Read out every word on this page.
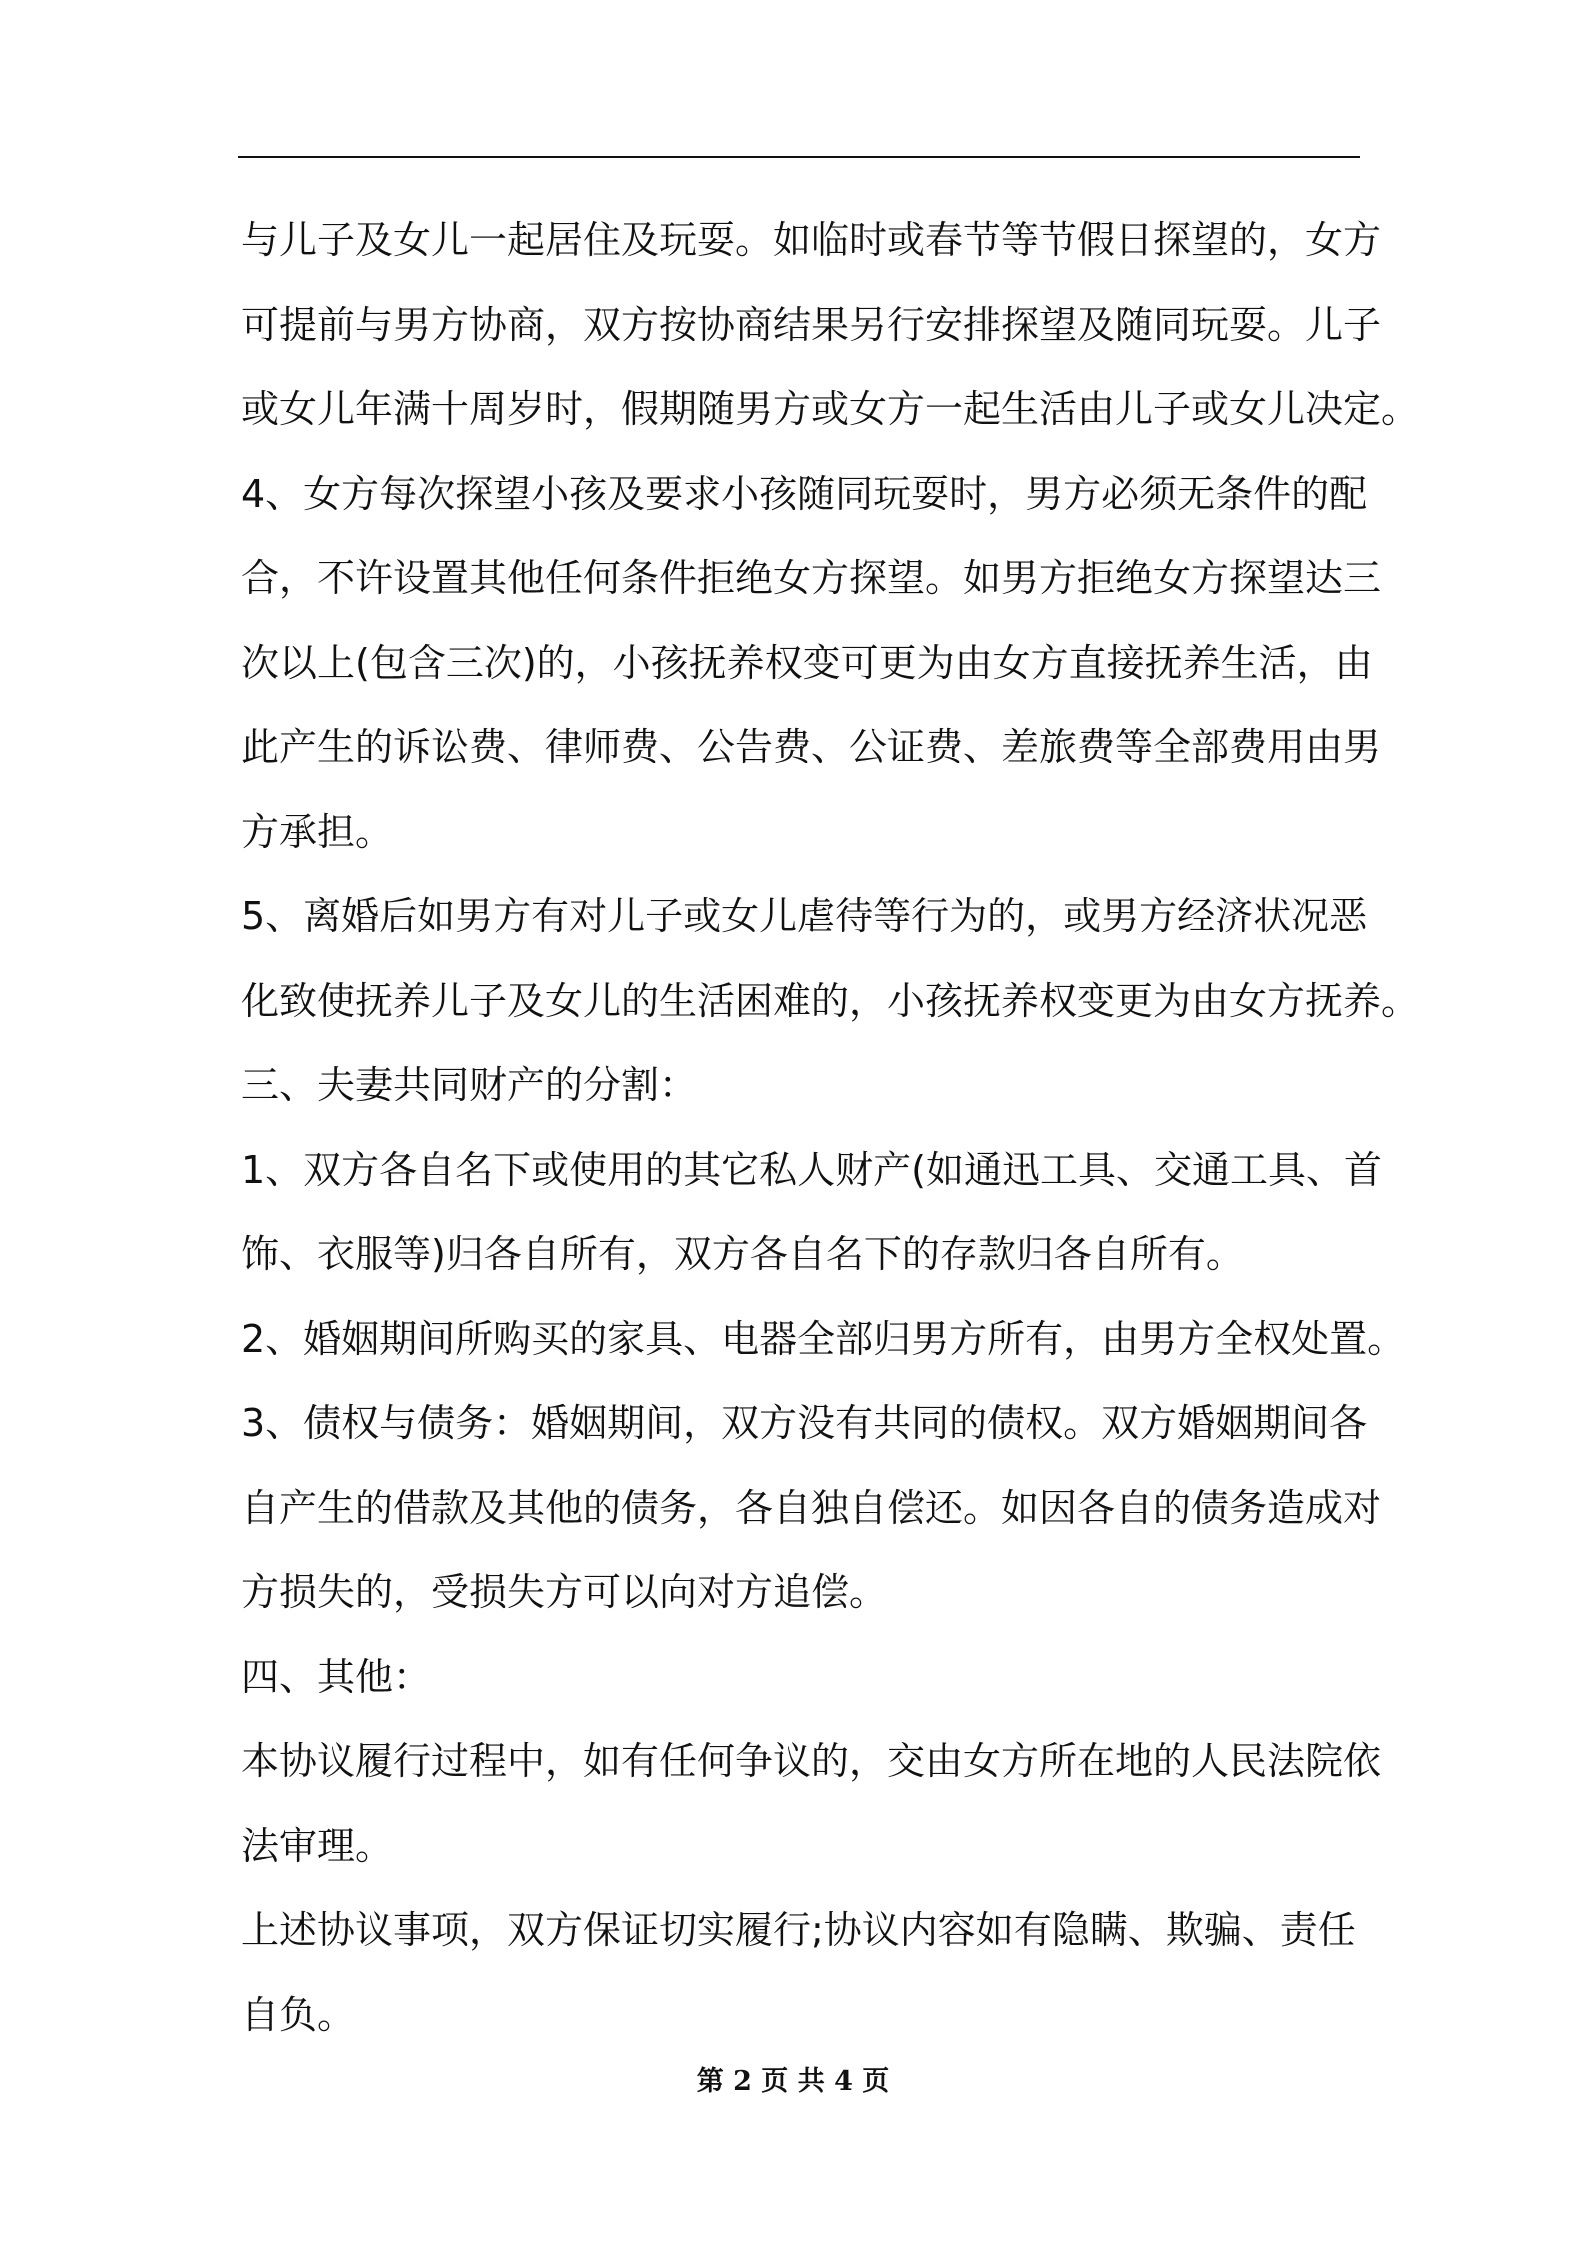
与儿子及女儿一起居住及玩耍。如临时或春节等节假日探望的，女方
可提前与男方协商，双方按协商结果另行安排探望及随同玩耍。儿子
或女儿年满十周岁时，假期随男方或女方一起生活由儿子或女儿决定。
4、女方每次探望小孩及要求小孩随同玩耍时，男方必须无条件的配
合，不许设置其他任何条件拒绝女方探望。如男方拒绝女方探望达三
次以上(包含三次)的，小孩抚养权变可更为由女方直接抚养生活，由
此产生的诉讼费、律师费、公告费、公证费、差旅费等全部费用由男
方承担。
5、离婚后如男方有对儿子或女儿虐待等行为的，或男方经济状况恶
化致使抚养儿子及女儿的生活困难的，小孩抚养权变更为由女方抚养。
三、夫妻共同财产的分割：
1、双方各自名下或使用的其它私人财产(如通迅工具、交通工具、首
饰、衣服等)归各自所有，双方各自名下的存款归各自所有。
2、婚姻期间所购买的家具、电器全部归男方所有，由男方全权处置。
3、债权与债务：婚姻期间，双方没有共同的债权。双方婚姻期间各
自产生的借款及其他的债务，各自独自偿还。如因各自的债务造成对
方损失的，受损失方可以向对方追偿。
四、其他：
本协议履行过程中，如有任何争议的，交由女方所在地的人民法院依
法审理。
上述协议事项，双方保证切实履行;协议内容如有隐瞒、欺骗、责任
自负。
第 2 页 共 4 页
